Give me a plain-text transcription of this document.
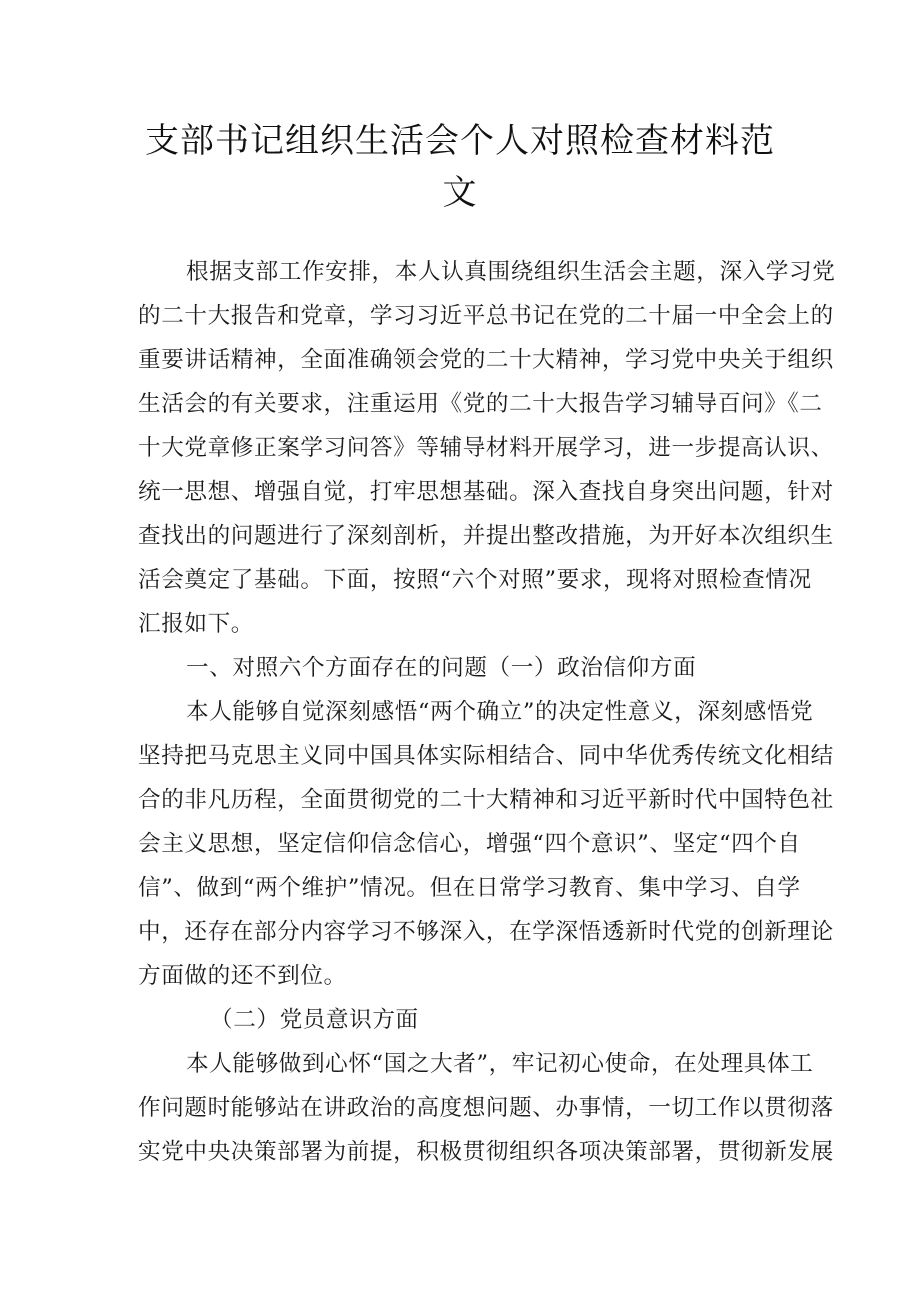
支部书记组织生活会个人对照检查材料范
文
根据支部工作安排，本人认真围绕组织生活会主题，深入学习党
的二十大报告和党章，学习习近平总书记在党的二十届一中全会上的
重要讲话精神，全面准确领会党的二十大精神，学习党中央关于组织
生活会的有关要求，注重运用《党的二十大报告学习辅导百问》《二
十大党章修正案学习问答》等辅导材料开展学习，进一步提高认识、
统一思想、增强自觉，打牢思想基础。深入查找自身突出问题，针对
查找出的问题进行了深刻剖析，并提出整改措施，为开好本次组织生
活会奠定了基础。下面，按照“六个对照”要求，现将对照检查情况
汇报如下。
一、对照六个方面存在的问题（一）政治信仰方面
本人能够自觉深刻感悟“两个确立”的决定性意义，深刻感悟党
坚持把马克思主义同中国具体实际相结合、同中华优秀传统文化相结
合的非凡历程，全面贯彻党的二十大精神和习近平新时代中国特色社
会主义思想，坚定信仰信念信心，增强“四个意识”、坚定“四个自
信”、做到“两个维护”情况。但在日常学习教育、集中学习、自学
中，还存在部分内容学习不够深入，在学深悟透新时代党的创新理论
方面做的还不到位。
（二）党员意识方面
本人能够做到心怀“国之大者”，牢记初心使命，在处理具体工
作问题时能够站在讲政治的高度想问题、办事情，一切工作以贯彻落
实党中央决策部署为前提，积极贯彻组织各项决策部署，贯彻新发展
